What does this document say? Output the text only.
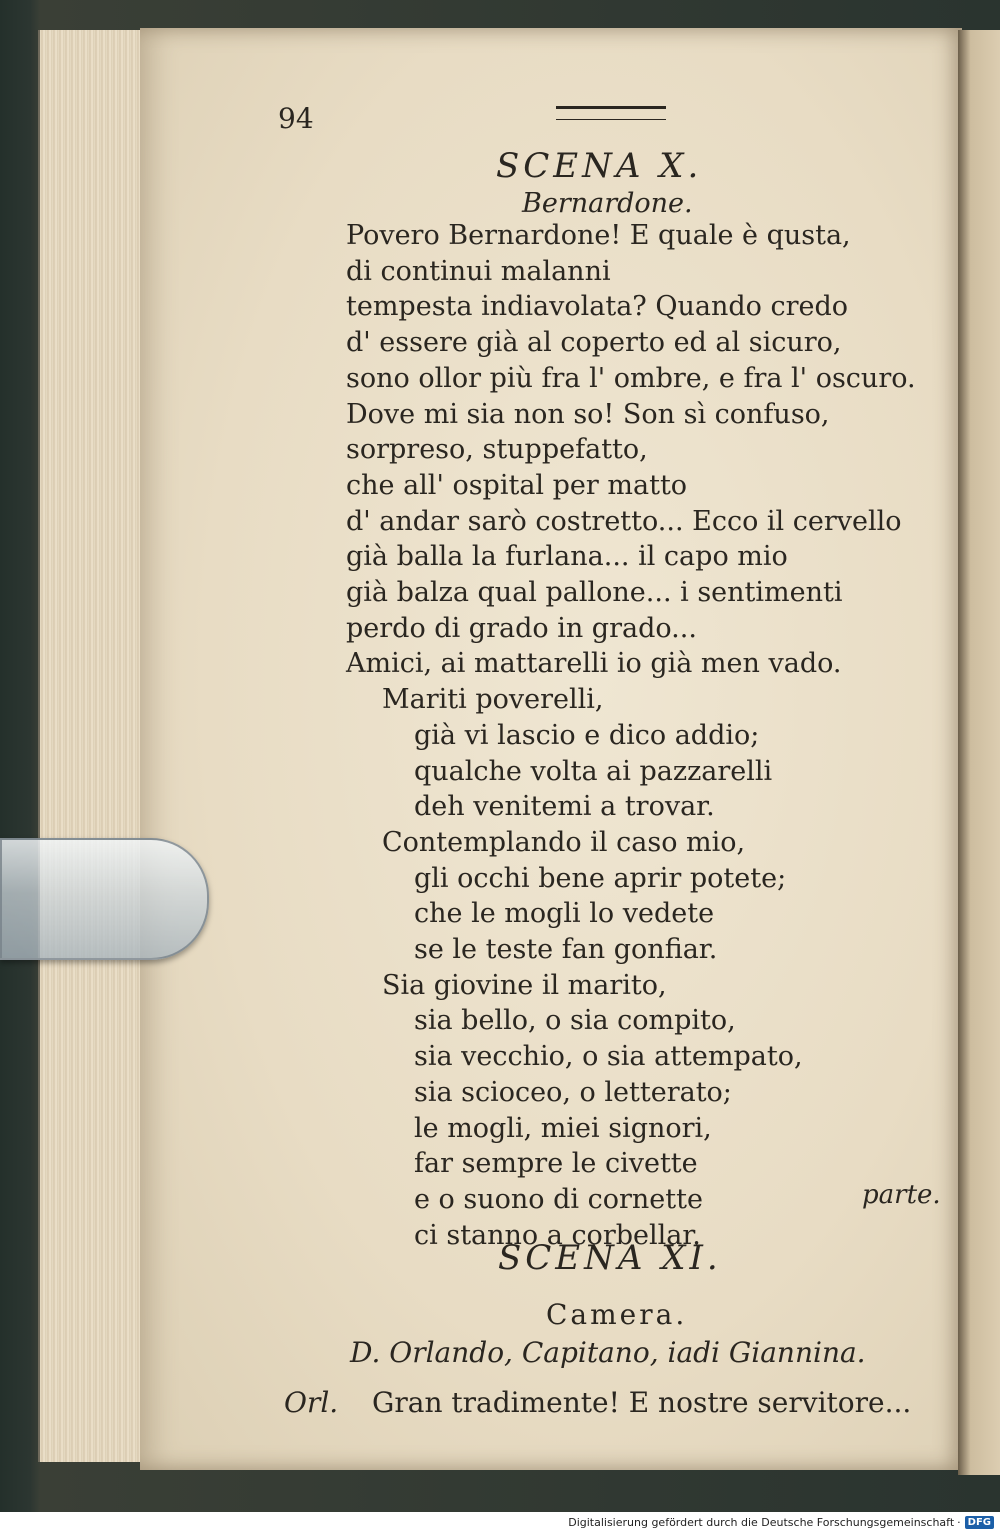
94
SCENA X.
Bernardone.
Povero Bernardone! E quale è qusta,
di continui malanni
tempesta indiavolata? Quando credo
d' essere già al coperto ed al sicuro,
sono ollor più fra l' ombre, e fra l' oscuro.
Dove mi sia non so! Son sì confuso,
sorpreso, stuppefatto,
che all' ospital per matto
d' andar sarò costretto... Ecco il cervello
già balla la furlana... il capo mio
già balza qual pallone... i sentimenti
perdo di grado in grado...
Amici, ai mattarelli io già men vado.
Mariti poverelli,
già vi lascio e dico addio;
qualche volta ai pazzarelli
deh venitemi a trovar.
Contemplando il caso mio,
gli occhi bene aprir potete;
che le mogli lo vedete
se le teste fan gonfiar.
Sia giovine il marito,
sia bello, o sia compito,
sia vecchio, o sia attempato,
sia scioceo, o letterato;
le mogli, miei signori,
far sempre le civette
e o suono di cornette
ci stanno a corbellar.
parte.
SCENA XI.
Camera.
D. Orlando, Capitano, iadi Giannina.
Orl. Gran tradimente! E nostre servitore...
Digitalisierung gefördert durch die Deutsche Forschungsgemeinschaft · DFG
